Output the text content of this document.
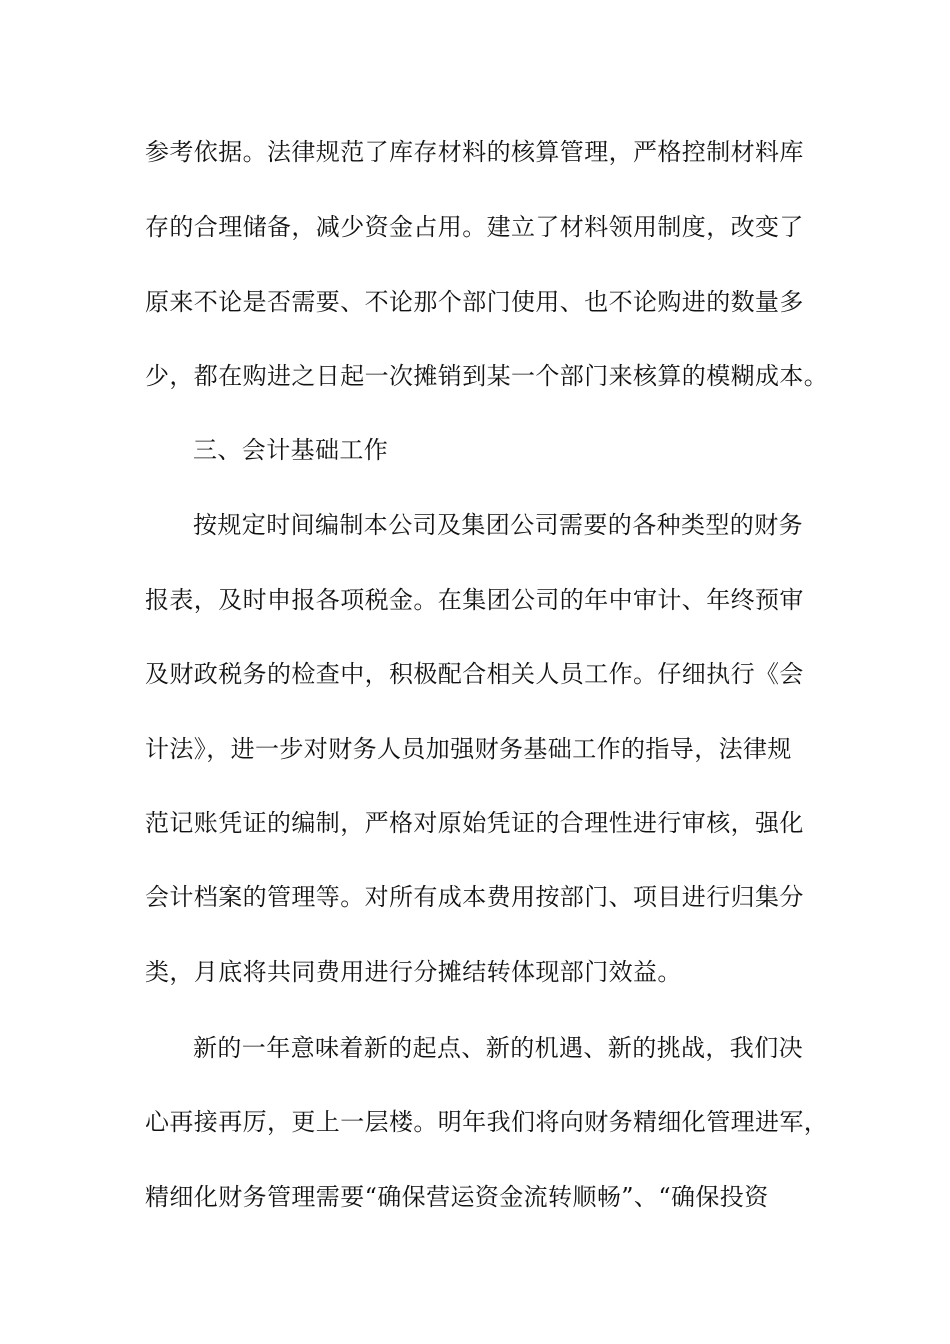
参考依据。法律规范了库存材料的核算管理，严格控制材料库
存的合理储备，减少资金占用。建立了材料领用制度，改变了
原来不论是否需要、不论那个部门使用、也不论购进的数量多
少，都在购进之日起一次摊销到某一个部门来核算的模糊成本。
三、会计基础工作
按规定时间编制本公司及集团公司需要的各种类型的财务
报表，及时申报各项税金。在集团公司的年中审计、年终预审
及财政税务的检查中，积极配合相关人员工作。仔细执行《会
计法》，进一步对财务人员加强财务基础工作的指导，法律规
范记账凭证的编制，严格对原始凭证的合理性进行审核，强化
会计档案的管理等。对所有成本费用按部门、项目进行归集分
类，月底将共同费用进行分摊结转体现部门效益。
新的一年意味着新的起点、新的机遇、新的挑战，我们决
心再接再厉，更上一层楼。明年我们将向财务精细化管理进军，
精细化财务管理需要“确保营运资金流转顺畅”、“确保投资
